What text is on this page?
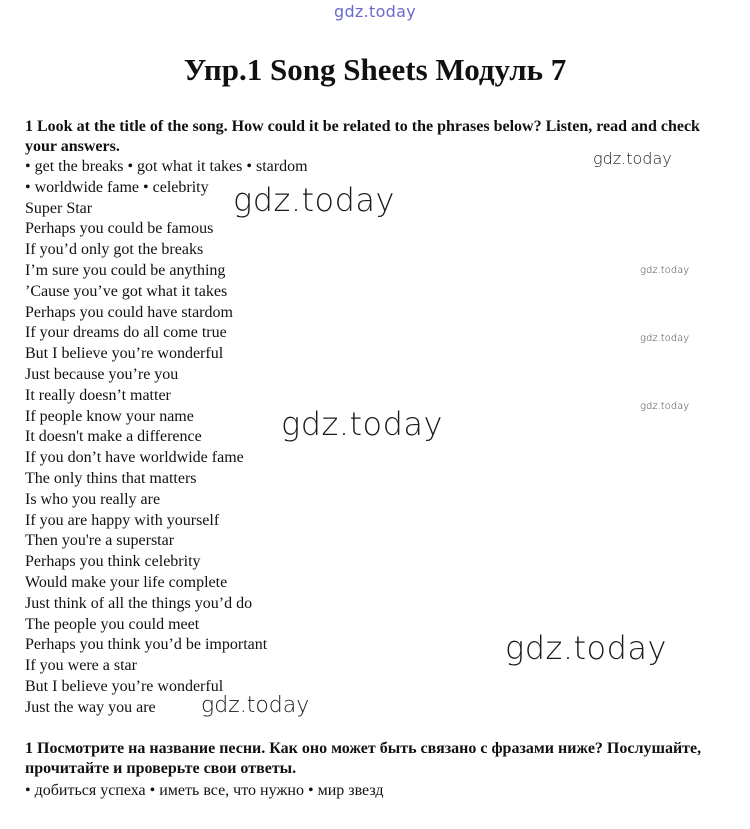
gdz.today
Упр.1 Song Sheets Модуль 7

1 Look at the title of the song. How could it be related to the phrases below? Listen, read and check your answers.

• get the breaks • got what it takes • stardom
• worldwide fame • celebrity
Super Star
Perhaps you could be famous
If you’d only got the breaks
I’m sure you could be anything
’Cause you’ve got what it takes
Perhaps you could have stardom
If your dreams do all come true
But I believe you’re wonderful
Just because you’re you
It really doesn’t matter
If people know your name
It doesn't make a difference
If you don’t have worldwide fame
The only thins that matters
Is who you really are
If you are happy with yourself
Then you're a superstar
Perhaps you think celebrity
Would make your life complete
Just think of all the things you’d do
The people you could meet
Perhaps you think you’d be important
If you were a star
But I believe you’re wonderful
Just the way you are

1 Посмотрите на название песни. Как оно может быть связано с фразами ниже? Послушайте, прочитайте и проверьте свои ответы.

• добиться успеха • иметь все, что нужно • мир звезд
gdz.today
gdz.today
gdz.today
gdz.today
gdz.today
gdz.today
gdz.today
gdz.today
